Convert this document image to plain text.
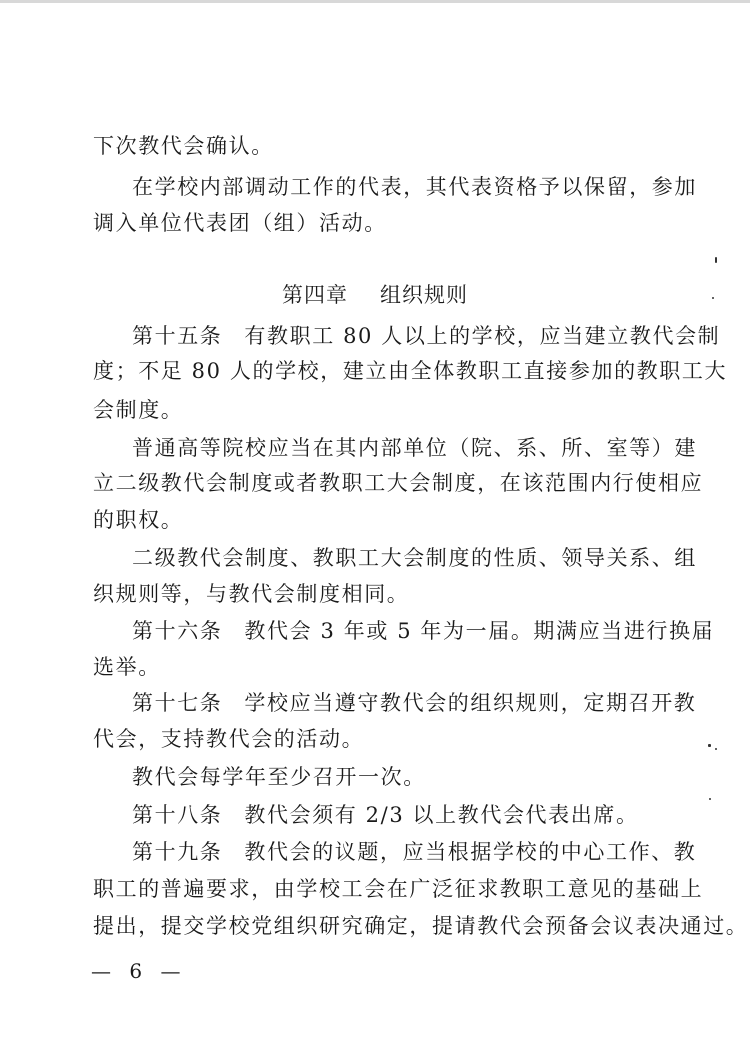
下次教代会确认。
在学校内部调动工作的代表，其代表资格予以保留，参加
调入单位代表团（组）活动。
第四章 组织规则
第十五条 有教职工 80 人以上的学校，应当建立教代会制
度；不足 80 人的学校，建立由全体教职工直接参加的教职工大
会制度。
普通高等院校应当在其内部单位（院、系、所、室等）建
立二级教代会制度或者教职工大会制度，在该范围内行使相应
的职权。
二级教代会制度、教职工大会制度的性质、领导关系、组
织规则等，与教代会制度相同。
第十六条 教代会 3 年或 5 年为一届。期满应当进行换届
选举。
第十七条 学校应当遵守教代会的组织规则，定期召开教
代会，支持教代会的活动。
教代会每学年至少召开一次。
第十八条 教代会须有 2/3 以上教代会代表出席。
第十九条 教代会的议题，应当根据学校的中心工作、教
职工的普遍要求，由学校工会在广泛征求教职工意见的基础上
提出，提交学校党组织研究确定，提请教代会预备会议表决通过。
— 6 —
